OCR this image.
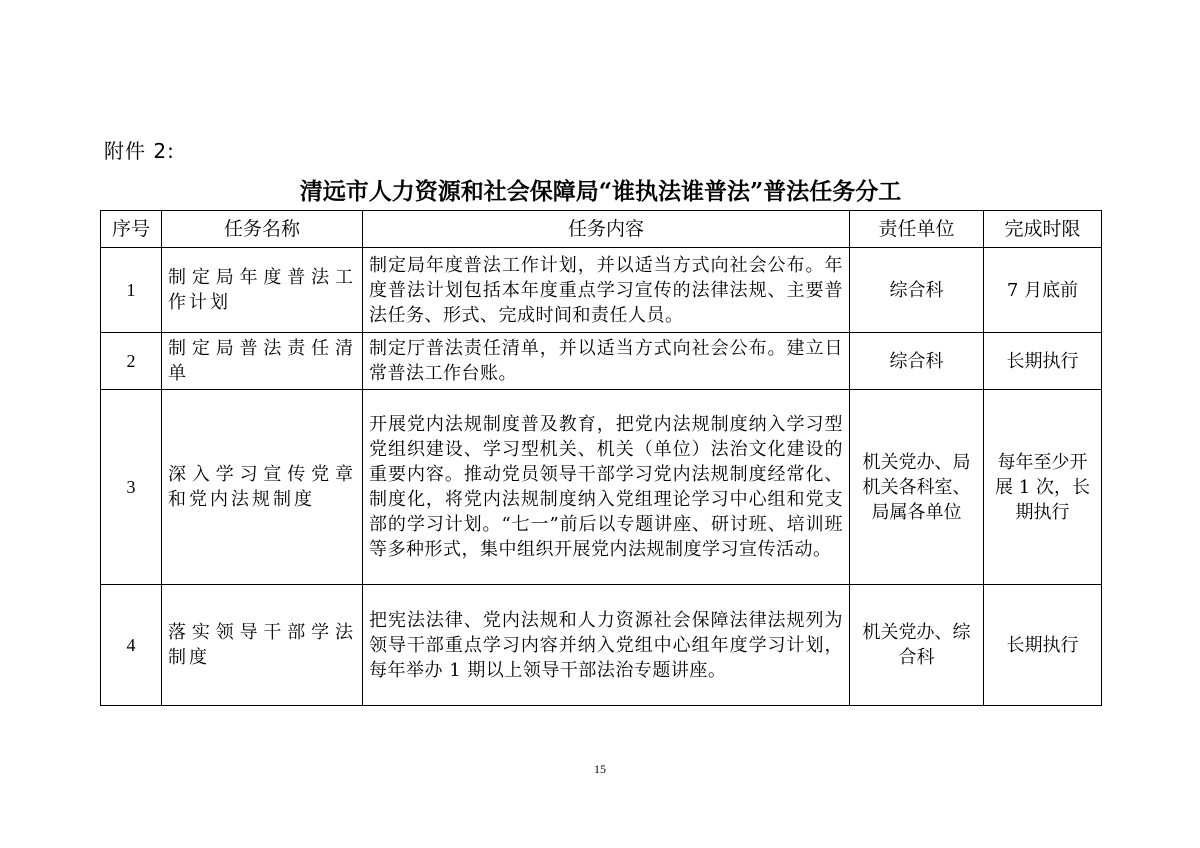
附件 2:
清远市人力资源和社会保障局“谁执法谁普法”普法任务分工
序号	任务名称	任务内容	责任单位	完成时限
1	制定局年度普法工作计划	制定局年度普法工作计划，并以适当方式向社会公布。年度普法计划包括本年度重点学习宣传的法律法规、主要普法任务、形式、完成时间和责任人员。	综合科	7 月底前
2	制定局普法责任清单	制定厅普法责任清单，并以适当方式向社会公布。建立日常普法工作台账。	综合科	长期执行
3	深入学习宣传党章和党内法规制度	开展党内法规制度普及教育，把党内法规制度纳入学习型党组织建设、学习型机关、机关（单位）法治文化建设的重要内容。推动党员领导干部学习党内法规制度经常化、制度化，将党内法规制度纳入党组理论学习中心组和党支部的学习计划。“七一”前后以专题讲座、研讨班、培训班等多种形式，集中组织开展党内法规制度学习宣传活动。	机关党办、局机关各科室、局属各单位	每年至少开展 1 次，长期执行
4	落实领导干部学法制度	把宪法法律、党内法规和人力资源社会保障法律法规列为领导干部重点学习内容并纳入党组中心组年度学习计划，每年举办 1 期以上领导干部法治专题讲座。	机关党办、综合科	长期执行
15
